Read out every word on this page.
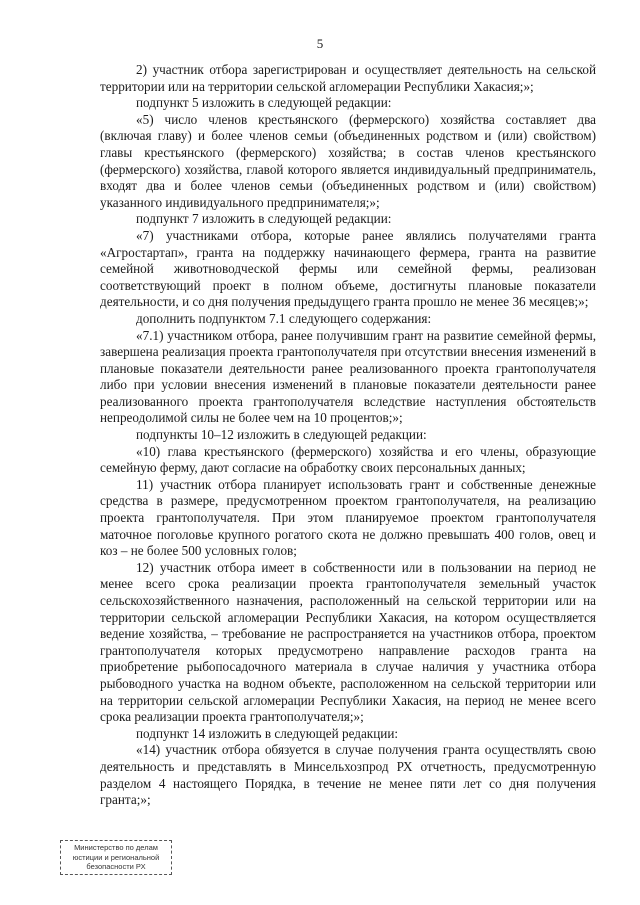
5

2) участник отбора зарегистрирован и осуществляет деятельность на сельской территории или на территории сельской агломерации Республики Хакасия;»;

подпункт 5 изложить в следующей редакции:

«5) число членов крестьянского (фермерского) хозяйства составляет два (включая главу) и более членов семьи (объединенных родством и (или) свойством) главы крестьянского (фермерского) хозяйства; в состав членов крестьянского (фермерского) хозяйства, главой которого является индивидуальный предприниматель, входят два и более членов семьи (объединенных родством и (или) свойством) указанного индивидуального предпринимателя;»;

подпункт 7 изложить в следующей редакции:

«7) участниками отбора, которые ранее являлись получателями гранта «Агростартап», гранта на поддержку начинающего фермера, гранта на развитие семейной животноводческой фермы или семейной фермы, реализован соответствующий проект в полном объеме, достигнуты плановые показатели деятельности, и со дня получения предыдущего гранта прошло не менее 36 месяцев;»;

дополнить подпунктом 7.1 следующего содержания:

«7.1) участником отбора, ранее получившим грант на развитие семейной фермы, завершена реализация проекта грантополучателя при отсутствии внесения изменений в плановые показатели деятельности ранее реализованного проекта грантополучателя либо при условии внесения изменений в плановые показатели деятельности ранее реализованного проекта грантополучателя вследствие наступления обстоятельств непреодолимой силы не более чем на 10 процентов;»;

подпункты 10–12 изложить в следующей редакции:

«10) глава крестьянского (фермерского) хозяйства и его члены, образующие семейную ферму, дают согласие на обработку своих персональных данных;

11) участник отбора планирует использовать грант и собственные денежные средства в размере, предусмотренном проектом грантополучателя, на реализацию проекта грантополучателя. При этом планируемое проектом грантополучателя маточное поголовье крупного рогатого скота не должно превышать 400 голов, овец и коз – не более 500 условных голов;

12) участник отбора имеет в собственности или в пользовании на период не менее всего срока реализации проекта грантополучателя земельный участок сельскохозяйственного назначения, расположенный на сельской территории или на территории сельской агломерации Республики Хакасия, на котором осуществляется ведение хозяйства, – требование не распространяется на участников отбора, проектом грантополучателя которых предусмотрено направление расходов гранта на приобретение рыбопосадочного материала в случае наличия у участника отбора рыбоводного участка на водном объекте, расположенном на сельской территории или на территории сельской агломерации Республики Хакасия, на период не менее всего срока реализации проекта грантополучателя;»;

подпункт 14 изложить в следующей редакции:

«14) участник отбора обязуется в случае получения гранта осуществлять свою деятельность и представлять в Минсельхозпрод РХ отчетность, предусмотренную разделом 4 настоящего Порядка, в течение не менее пяти лет со дня получения гранта;»;

Министерство по делам
юстиции и региональной
безопасности РХ
